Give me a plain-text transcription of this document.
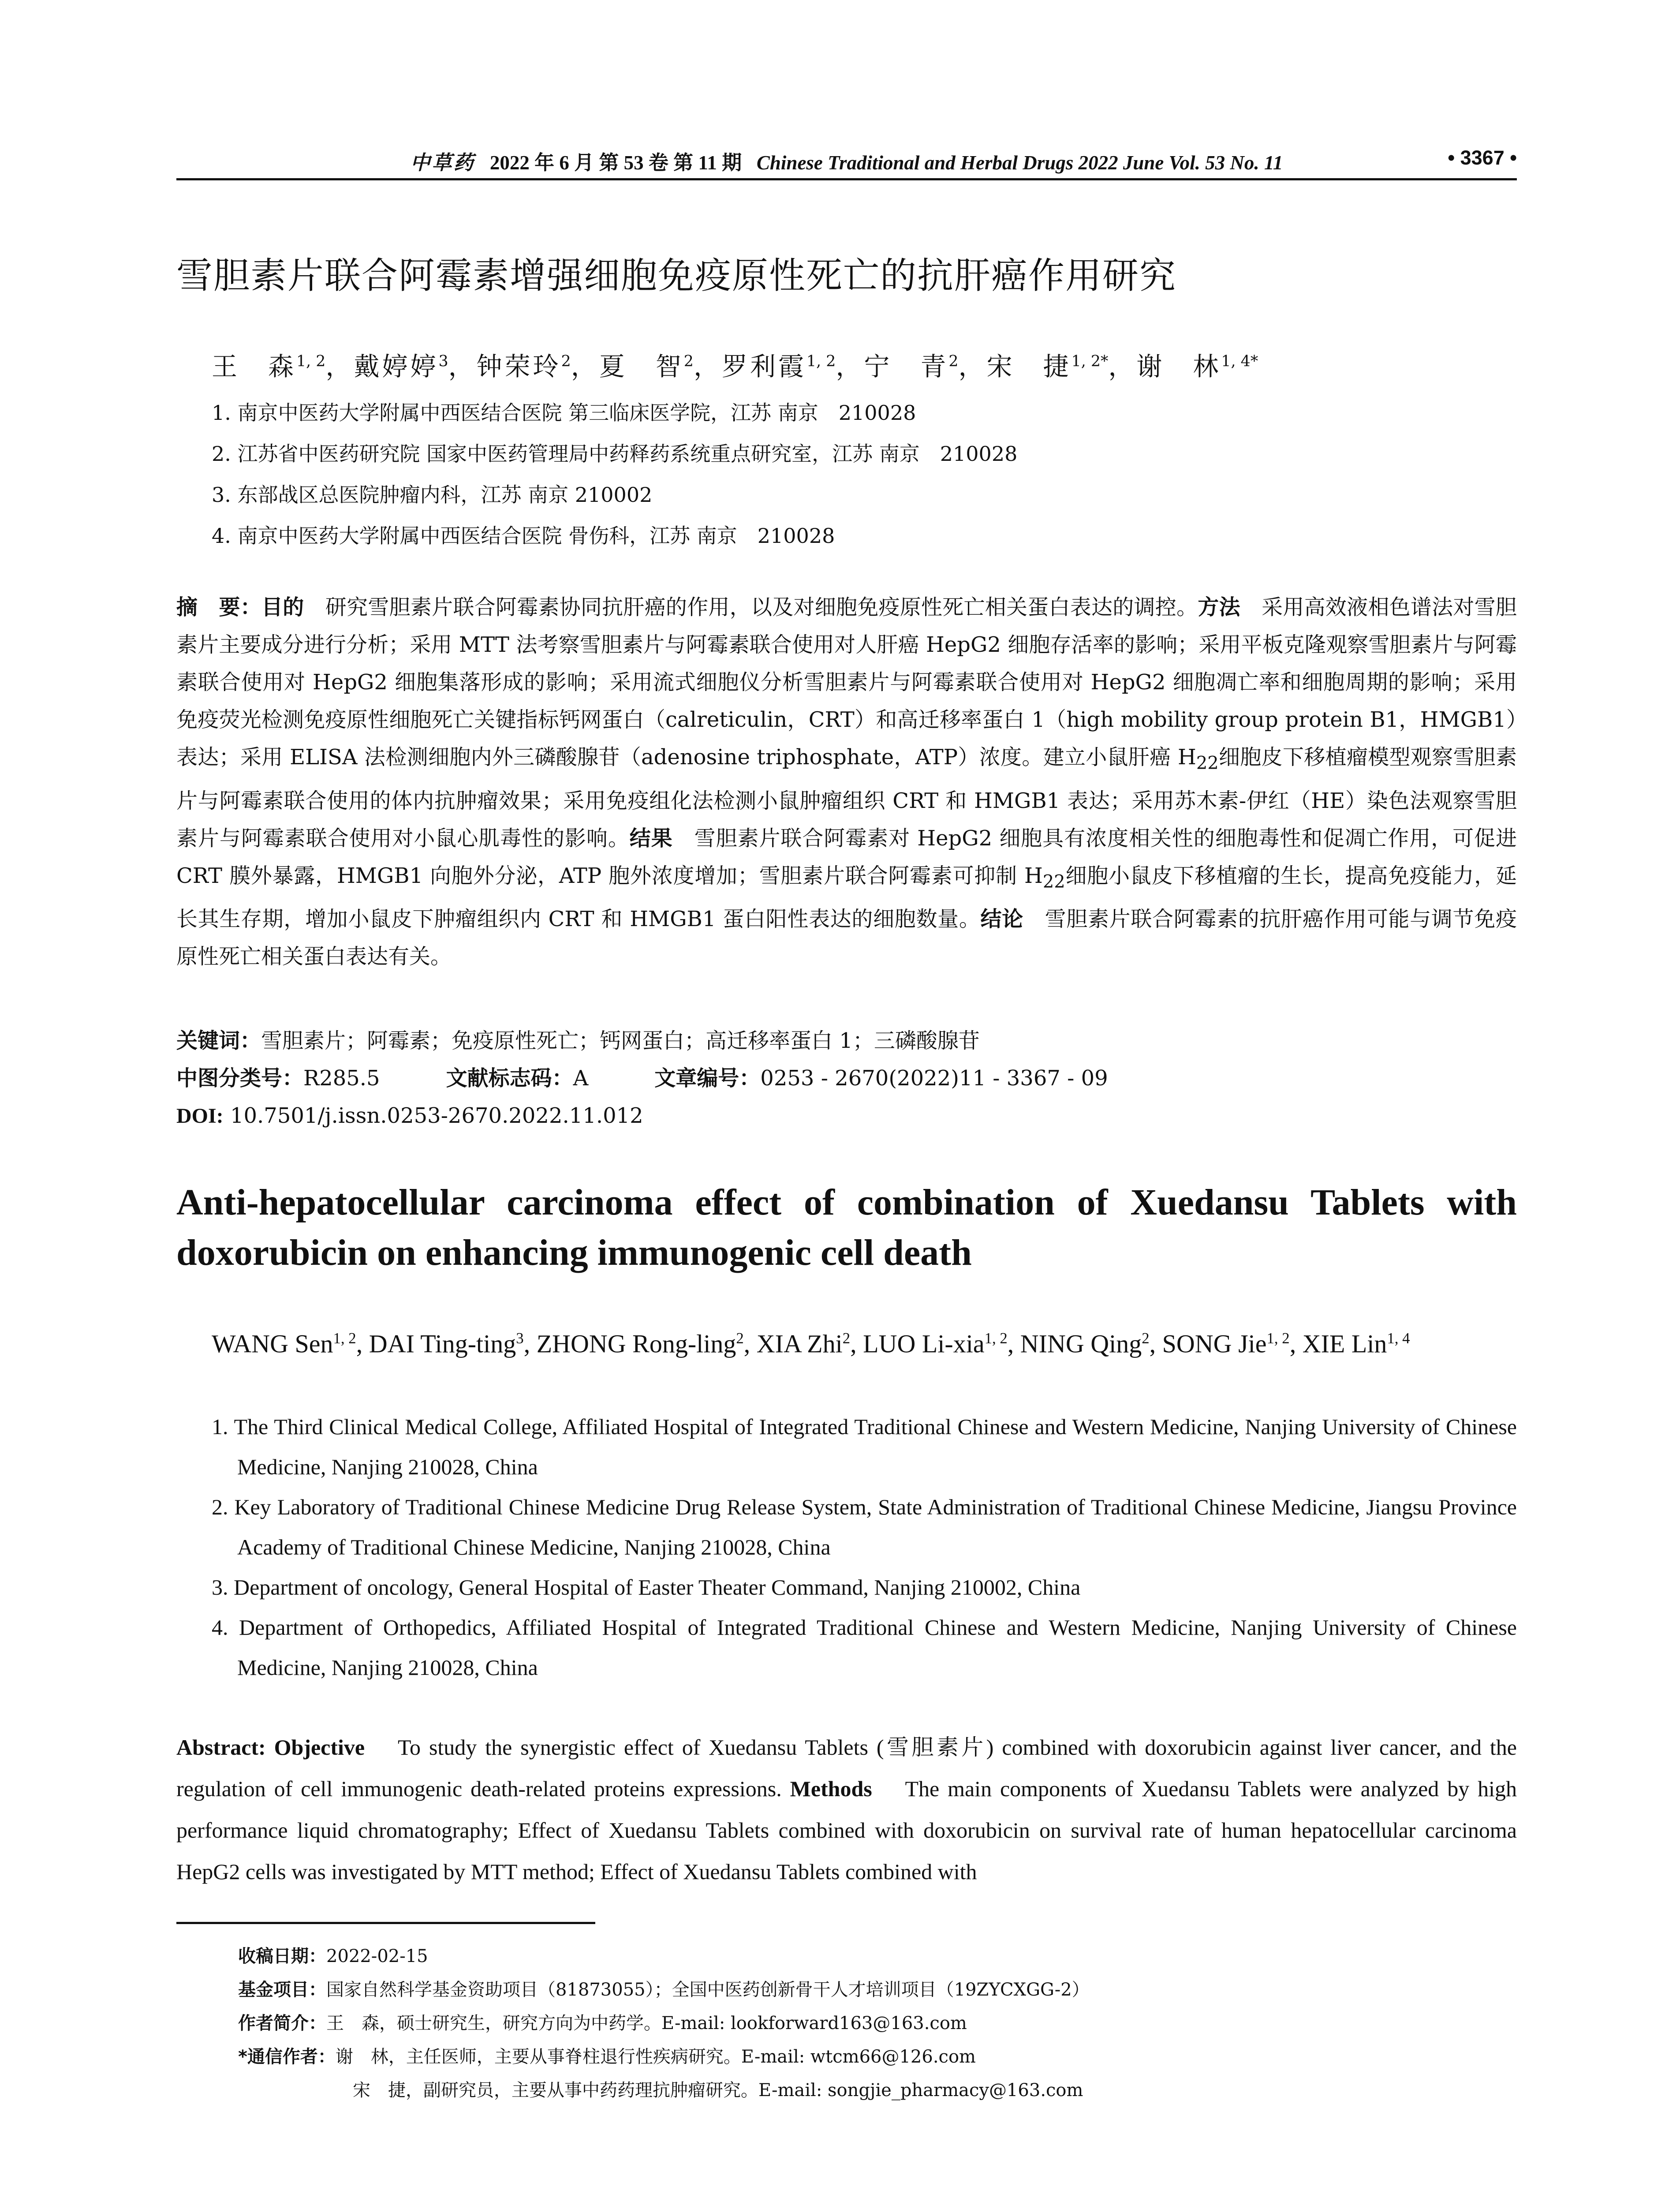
中草药 2022 年 6 月 第 53 卷 第 11 期 Chinese Traditional and Herbal Drugs 2022 June Vol. 53 No. 11	• 3367 •
雪胆素片联合阿霉素增强细胞免疫原性死亡的抗肝癌作用研究
王　森$^{1, 2}$，戴婷婷$^3$，钟荣玲$^2$，夏　智$^2$，罗利霞$^{1, 2}$，宁　青$^2$，宋　捷$^{1, 2*}$，谢　林$^{1, 4*}$
1. 南京中医药大学附属中西医结合医院 第三临床医学院，江苏 南京　210028
2. 江苏省中医药研究院 国家中医药管理局中药释药系统重点研究室，江苏 南京　210028
3. 东部战区总医院肿瘤内科，江苏 南京 210002
4. 南京中医药大学附属中西医结合医院 骨伤科，江苏 南京　210028
摘　要：目的　 研究雪胆素片联合阿霉素协同抗肝癌的作用，以及对细胞免疫原性死亡相关蛋白表达的调控。方法　 采用高效液相色谱法对雪胆素片主要成分进行分析；采用 MTT 法考察雪胆素片与阿霉素联合使用对人肝癌 HepG2 细胞存活率的影响；采用平板克隆观察雪胆素片与阿霉素联合使用对 HepG2 细胞集落形成的影响；采用流式细胞仪分析雪胆素片与阿霉素联合使用对 HepG2 细胞凋亡率和细胞周期的影响；采用免疫荧光检测免疫原性细胞死亡关键指标钙网蛋白（calreticulin，CRT）和高迁移率蛋白 1（high mobility group protein B1，HMGB1）表达；采用 ELISA 法检测细胞内外三磷酸腺苷（adenosine triphosphate，ATP）浓度。建立小鼠肝癌 $H_{22}$细胞皮下移植瘤模型观察雪胆素片与阿霉素联合使用的体内抗肿瘤效果；采用免疫组化法检测小鼠肿瘤组织 CRT 和 HMGB1 表达；采用苏木素-伊红（HE）染色法观察雪胆素片与阿霉素联合使用对小鼠心肌毒性的影响。结果　 雪胆素片联合阿霉素对 HepG2 细胞具有浓度相关性的细胞毒性和促凋亡作用，可促进 CRT 膜外暴露，HMGB1 向胞外分泌，ATP 胞外浓度增加；雪胆素片联合阿霉素可抑制 $H_{22}$细胞小鼠皮下移植瘤的生长，提高免疫能力，延长其生存期，增加小鼠皮下肿瘤组织内 CRT 和 HMGB1 蛋白阳性表达的细胞数量。结论　 雪胆素片联合阿霉素的抗肝癌作用可能与调节免疫原性死亡相关蛋白表达有关。
关键词：雪胆素片；阿霉素；免疫原性死亡；钙网蛋白；高迁移率蛋白 1；三磷酸腺苷
中图分类号：R285.5	文献标志码：A	文章编号：0253 - 2670(2022)11 - 3367 - 09
DOI: 10.7501/j.issn.0253-2670.2022.11.012
Anti-hepatocellular carcinoma effect of combination of Xuedansu Tablets with doxorubicin on enhancing immunogenic cell death
WANG Sen$^{1, 2}$, DAI Ting-ting$^3$, ZHONG Rong-ling$^2$, XIA Zhi$^2$, LUO Li-xia$^{1, 2}$, NING Qing$^2$, SONG Jie$^{1, 2}$, XIE Lin$^{1, 4}$
1. The Third Clinical Medical College, Affiliated Hospital of Integrated Traditional Chinese and Western Medicine, Nanjing University of Chinese Medicine, Nanjing 210028, China
2. Key Laboratory of Traditional Chinese Medicine Drug Release System, State Administration of Traditional Chinese Medicine, Jiangsu Province Academy of Traditional Chinese Medicine, Nanjing 210028, China
3. Department of oncology, General Hospital of Easter Theater Command, Nanjing 210002, China
4. Department of Orthopedics, Affiliated Hospital of Integrated Traditional Chinese and Western Medicine, Nanjing University of Chinese Medicine, Nanjing 210028, China
Abstract: Objective To study the synergistic effect of Xuedansu Tablets (雪胆素片) combined with doxorubicin against liver cancer, and the regulation of cell immunogenic death-related proteins expressions. Methods The main components of Xuedansu Tablets were analyzed by high performance liquid chromatography; Effect of Xuedansu Tablets combined with doxorubicin on survival rate of human hepatocellular carcinoma HepG2 cells was investigated by MTT method; Effect of Xuedansu Tablets combined with
收稿日期：2022-02-15
基金项目：国家自然科学基金资助项目（81873055）；全国中医药创新骨干人才培训项目（19ZYCXGG-2）
作者简介：王　森，硕士研究生，研究方向为中药学。E-mail: lookforward163@163.com
*通信作者：谢　林，主任医师，主要从事脊柱退行性疾病研究。E-mail: wtcm66@126.com
宋　捷，副研究员，主要从事中药药理抗肿瘤研究。E-mail: songjie_pharmacy@163.com
